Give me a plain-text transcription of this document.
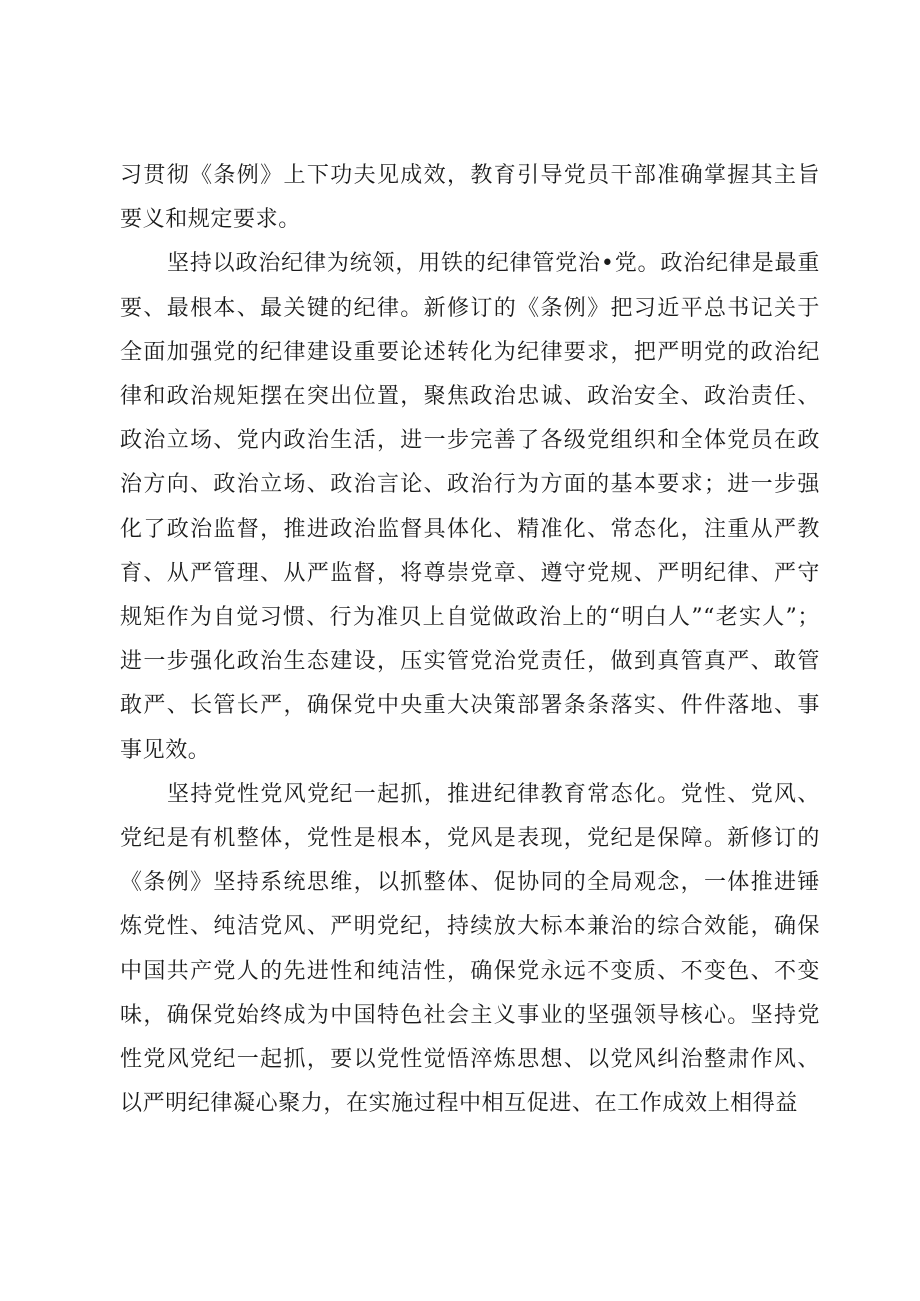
习贯彻《条例》上下功夫见成效，教育引导党员干部准确掌握其主旨要义和规定要求。

坚持以政治纪律为统领，用铁的纪律管党治•党。政治纪律是最重要、最根本、最关键的纪律。新修订的《条例》把习近平总书记关于全面加强党的纪律建设重要论述转化为纪律要求，把严明党的政治纪律和政治规矩摆在突出位置，聚焦政治忠诚、政治安全、政治责任、政治立场、党内政治生活，进一步完善了各级党组织和全体党员在政治方向、政治立场、政治言论、政治行为方面的基本要求；进一步强化了政治监督，推进政治监督具体化、精准化、常态化，注重从严教育、从严管理、从严监督，将尊崇党章、遵守党规、严明纪律、严守规矩作为自觉习惯、行为准贝上自觉做政治上的“明白人”“老实人”；进一步强化政治生态建设，压实管党治党责任，做到真管真严、敢管敢严、长管长严，确保党中央重大决策部署条条落实、件件落地、事事见效。

坚持党性党风党纪一起抓，推进纪律教育常态化。党性、党风、党纪是有机整体，党性是根本，党风是表现，党纪是保障。新修订的《条例》坚持系统思维，以抓整体、促协同的全局观念，一体推进锤炼党性、纯洁党风、严明党纪，持续放大标本兼治的综合效能，确保中国共产党人的先进性和纯洁性，确保党永远不变质、不变色、不变味，确保党始终成为中国特色社会主义事业的坚强领导核心。坚持党性党风党纪一起抓，要以党性觉悟淬炼思想、以党风纠治整肃作风、以严明纪律凝心聚力，在实施过程中相互促进、在工作成效上相得益
